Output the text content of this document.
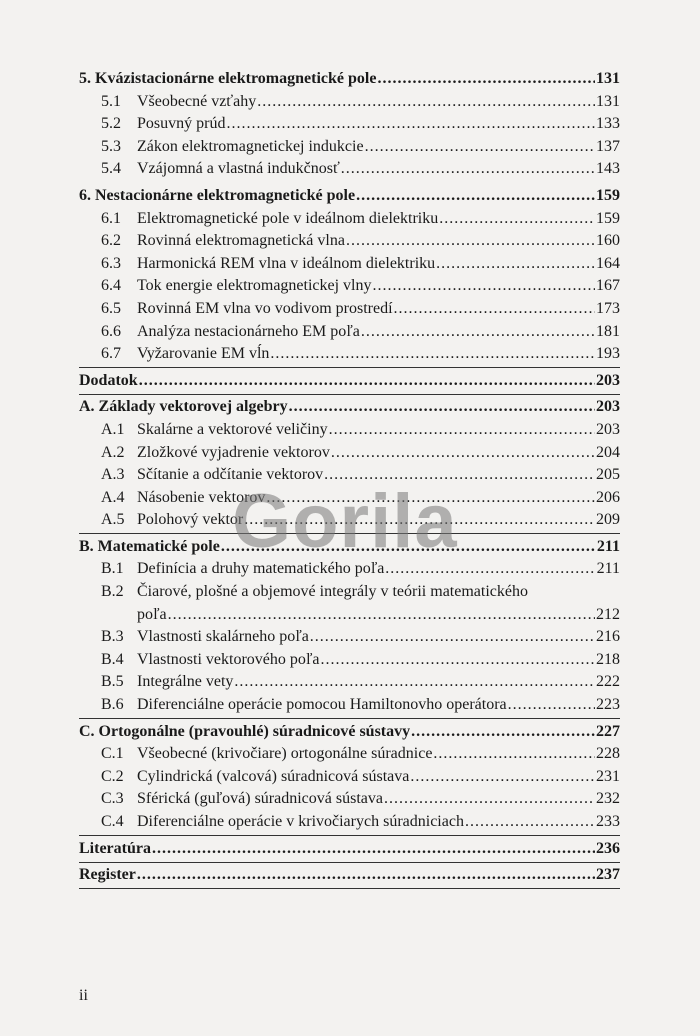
5. Kvázistacionárne elektromagnetické pole .....	131
5.1	Všeobecné vzťahy .....	131
5.2	Posuvný prúd .....	133
5.3	Zákon elektromagnetickej indukcie .....	137
5.4	Vzájomná a vlastná indukčnosť .....	143
6. Nestacionárne elektromagnetické pole .....	159
6.1	Elektromagnetické pole v ideálnom dielektriku .....	159
6.2	Rovinná elektromagnetická vlna .....	160
6.3	Harmonická REM vlna v ideálnom dielektriku .....	164
6.4	Tok energie elektromagnetickej vlny .....	167
6.5	Rovinná EM vlna vo vodivom prostredí .....	173
6.6	Analýza nestacionárneho EM poľa .....	181
6.7	Vyžarovanie EM vĺn .....	193
Dodatok .....	203
A. Základy vektorovej algebry .....	203
A.1 Skalárne a vektorové veličiny .....	203
A.2 Zložkové vyjadrenie vektorov .....	204
A.3 Sčítanie a odčítanie vektorov .....	205
A.4 Násobenie vektorov .....	206
A.5 Polohový vektor .....	209
B. Matematické pole .....	211
B.1 Definícia a druhy matematického poľa .....	211
B.2 Čiarové, plošné a objemové integrály v teórii matematického
poľa .....	212
B.3 Vlastnosti skalárneho poľa .....	216
B.4 Vlastnosti vektorového poľa .....	218
B.5 Integrálne vety .....	222
B.6 Diferenciálne operácie pomocou Hamiltonovho operátora .....	223
C. Ortogonálne (pravouhlé) súradnicové sústavy .....	227
C.1 Všeobecné (krivočiare) ortogonálne súradnice .....	228
C.2 Cylindrická (valcová) súradnicová sústava .....	231
C.3 Sférická (guľová) súradnicová sústava .....	232
C.4 Diferenciálne operácie v krivočiarych súradniciach .....	233
Literatúra .....	236
Register .....	237
Gorila
ii
